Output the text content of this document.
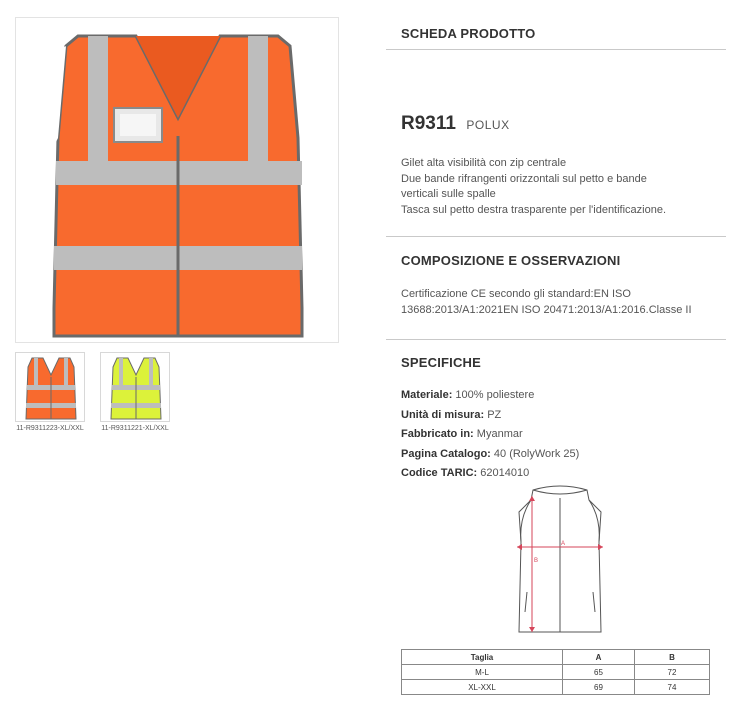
11-R9311223-XL/XXL	11-R9311221-XL/XXL
SCHEDA PRODOTTO
R9311 POLUX
Gilet alta visibilità con zip centrale
Due bande rifrangenti orizzontali sul petto e bande
verticali sulle spalle
Tasca sul petto destra trasparente per l'identificazione.
COMPOSIZIONE E OSSERVAZIONI
Certificazione CE secondo gli standard:EN ISO
13688:2013/A1:2021EN ISO 20471:2013/A1:2016.Classe II
SPECIFICHE
Materiale: 100% poliestere
Unità di misura: PZ
Fabbricato in: Myanmar
Pagina Catalogo: 40 (RolyWork 25)
Codice TARIC: 62014010
A
B
Taglia	A	B
M-L	65	72
XL-XXL	69	74
